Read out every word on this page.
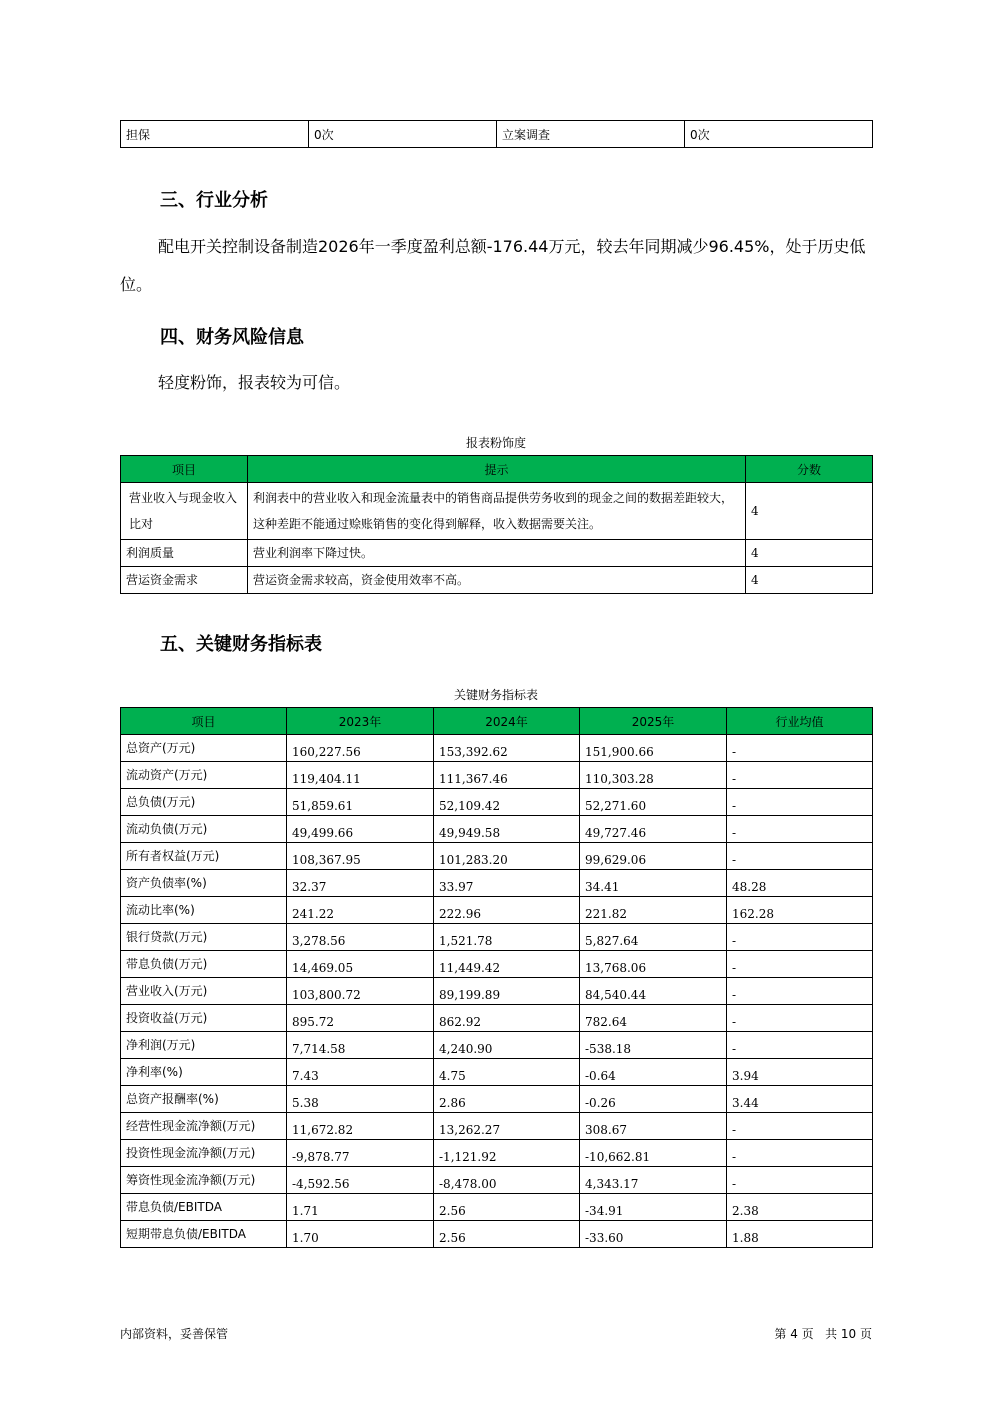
担保	0次	立案调查	0次
三、行业分析

配电开关控制设备制造2026年一季度盈利总额-176.44万元，较去年同期减少96.45%，处于历史低位。

四、财务风险信息

轻度粉饰，报表较为可信。

报表粉饰度
项目	提示	分数
营业收入与现金收入比对	利润表中的营业收入和现金流量表中的销售商品提供劳务收到的现金之间的数据差距较大，这种差距不能通过赊账销售的变化得到解释，收入数据需要关注。	4
利润质量	营业利润率下降过快。	4
营运资金需求	营运资金需求较高，资金使用效率不高。	4
五、关键财务指标表
关键财务指标表
项目	2023年	2024年	2025年	行业均值
总资产(万元)	160,227.56	153,392.62	151,900.66	-
流动资产(万元)	119,404.11	111,367.46	110,303.28	-
总负债(万元)	51,859.61	52,109.42	52,271.60	-
流动负债(万元)	49,499.66	49,949.58	49,727.46	-
所有者权益(万元)	108,367.95	101,283.20	99,629.06	-
资产负债率(%)	32.37	33.97	34.41	48.28
流动比率(%)	241.22	222.96	221.82	162.28
银行贷款(万元)	3,278.56	1,521.78	5,827.64	-
带息负债(万元)	14,469.05	11,449.42	13,768.06	-
营业收入(万元)	103,800.72	89,199.89	84,540.44	-
投资收益(万元)	895.72	862.92	782.64	-
净利润(万元)	7,714.58	4,240.90	-538.18	-
净利率(%)	7.43	4.75	-0.64	3.94
总资产报酬率(%)	5.38	2.86	-0.26	3.44
经营性现金流净额(万元)	11,672.82	13,262.27	308.67	-
投资性现金流净额(万元)	-9,878.77	-1,121.92	-10,662.81	-
筹资性现金流净额(万元)	-4,592.56	-8,478.00	4,343.17	-
带息负债/EBITDA	1.71	2.56	-34.91	2.38
短期带息负债/EBITDA	1.70	2.56	-33.60	1.88
内部资料，妥善保管	第 4 页   共 10 页
